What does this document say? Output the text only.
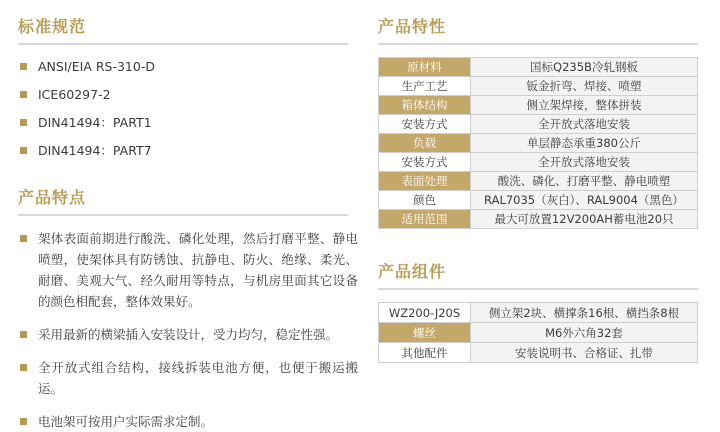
标准规范
ANSI/EIA RS-310-D
ICE60297-2
DIN41494：PART1
DIN41494：PART7
产品特点
架体表面前期进行酸洗、磷化处理，然后打磨平整、静电喷塑，使架体具有防锈蚀、抗静电、防火、绝缘、柔光、耐磨、美观大气、经久耐用等特点，与机房里面其它设备的颜色相配套，整体效果好。
采用最新的横梁插入安装设计，受力均匀，稳定性强。
全开放式组合结构，接线拆装电池方便，也便于搬运搬运。
电池架可按用户实际需求定制。
产品特性
原材料	国标Q235B冷轧钢板
生产工艺	钣金折弯、焊接、喷塑
箱体结构	侧立架焊接，整体拼装
安装方式	全开放式落地安装
负载	单层静态承重380公斤
安装方式	全开放式落地安装
表面处理	酸洗、磷化、打磨平整、静电喷塑
颜色	RAL7035（灰白）、RAL9004（黑色）
适用范围	最大可放置12V200AH蓄电池20只
产品组件
WZ200-J20S	侧立架2块、横撑条16根、横挡条8根
螺丝	M6外六角32套
其他配件	安装说明书、合格证、扎带
